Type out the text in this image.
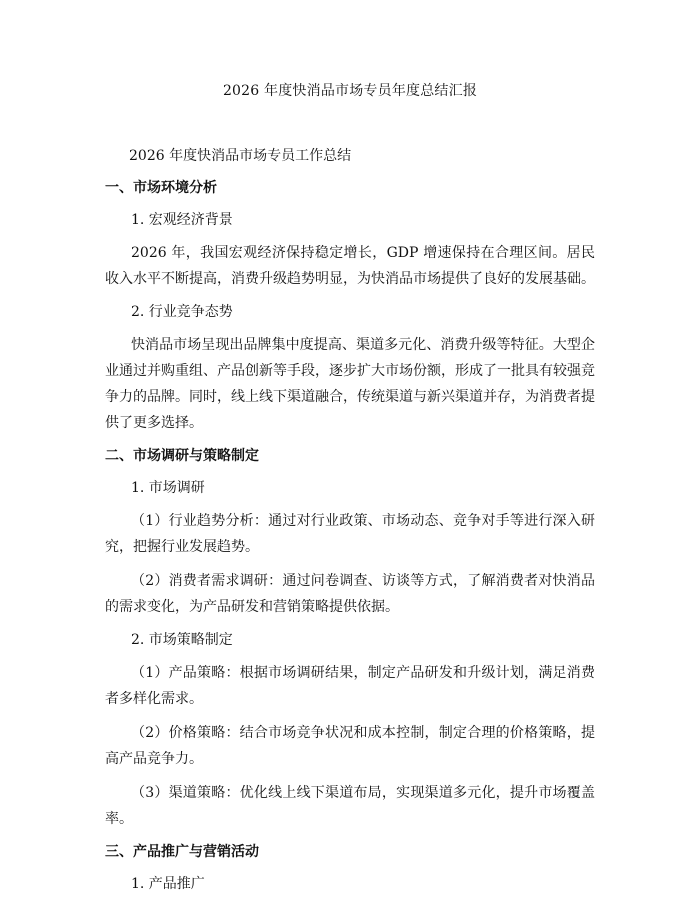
2026 年度快消品市场专员年度总结汇报
2026 年度快消品市场专员工作总结
一、市场环境分析
1. 宏观经济背景
2026 年，我国宏观经济保持稳定增长，GDP 增速保持在合理区间。居民收入水平不断提高，消费升级趋势明显，为快消品市场提供了良好的发展基础。
2. 行业竞争态势
快消品市场呈现出品牌集中度提高、渠道多元化、消费升级等特征。大型企业通过并购重组、产品创新等手段，逐步扩大市场份额，形成了一批具有较强竞争力的品牌。同时，线上线下渠道融合，传统渠道与新兴渠道并存，为消费者提供了更多选择。
二、市场调研与策略制定
1. 市场调研
（1）行业趋势分析：通过对行业政策、市场动态、竞争对手等进行深入研究，把握行业发展趋势。
（2）消费者需求调研：通过问卷调查、访谈等方式，了解消费者对快消品的需求变化，为产品研发和营销策略提供依据。
2. 市场策略制定
（1）产品策略：根据市场调研结果，制定产品研发和升级计划，满足消费者多样化需求。
（2）价格策略：结合市场竞争状况和成本控制，制定合理的价格策略，提高产品竞争力。
（3）渠道策略：优化线上线下渠道布局，实现渠道多元化，提升市场覆盖率。
三、产品推广与营销活动
1. 产品推广
